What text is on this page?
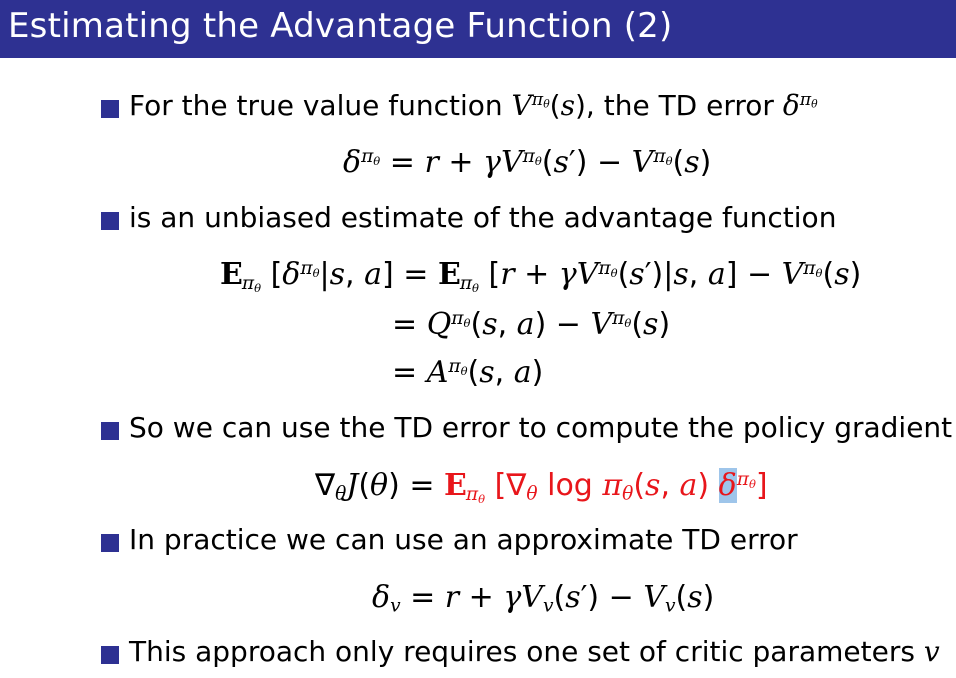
Estimating the Advantage Function (2)
For the true value function $V^{\pi_\theta}(s)$, the TD error $\delta^{\pi_\theta}$
$\delta^{\pi_\theta} = r + \gamma V^{\pi_\theta}(s') - V^{\pi_\theta}(s)$
is an unbiased estimate of the advantage function
$E_{\pi_\theta}$ [$\delta^{\pi_\theta}|s$, $a] = E_{\pi_\theta}$ [$r + \gamma V^{\pi_\theta}(s')|s$, $a] - V^{\pi_\theta}(s)$
= $Q^{\pi_\theta}(s$, $a) - V^{\pi_\theta}(s)$
= $A^{\pi_\theta}(s$, a)
So we can use the TD error to compute the policy gradient
$\nabla_\theta J(\theta) = E_{\pi_\theta}$ [$\nabla_\theta$ $\log \pi_\theta(s$, a) $\delta^{\pi_\theta}$]
In practice we can use an approximate TD error
$\delta_v = r + \gamma V_v(s') - V_v(s)$
This approach only requires one set of critic parameters v
